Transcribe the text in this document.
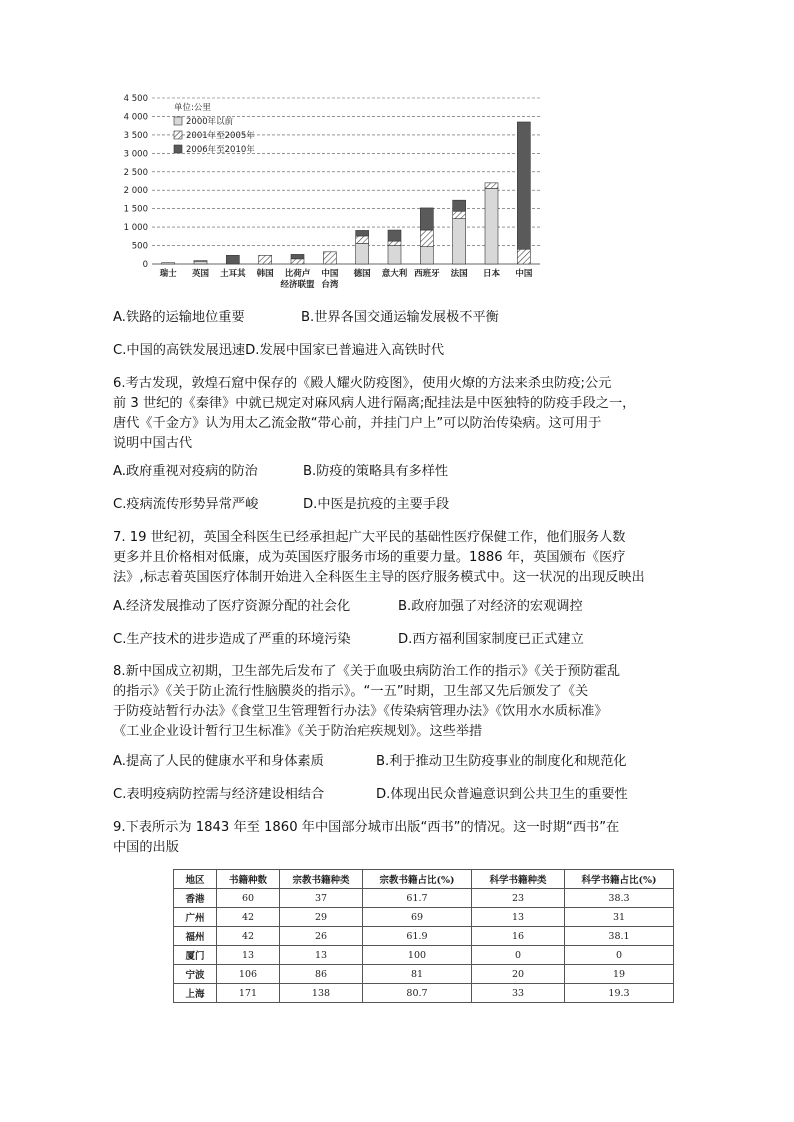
0
500
1 000
1 500
2 000
2 500
3 000
3 500
4 000
4 500
瑞士 英国 土耳其 韩国 比荷卢
经济联盟
中国
台湾
德国 意大利 西班牙 法国 日本 中国
单位:公里
2000年以前
2001年至2005年
2006年至2010年
A.铁路的运输地位重要	B.世界各国交通运输发展极不平衡
C.中国的高铁发展迅速D.发展中国家已普遍进入高铁时代
6.考古发现，敦煌石窟中保存的《殿人耀火防疫图》，使用火燎的方法来杀虫防疫;公元
前 3 世纪的《秦律》中就已规定对麻风病人进行隔离;配挂法是中医独特的防疫手段之一，
唐代《千金方》认为用太乙流金散“带心前，并挂门户上”可以防治传染病。这可用于
说明中国古代
A.政府重视对疫病的防治	B.防疫的策略具有多样性
C.疫病流传形势异常严峻	D.中医是抗疫的主要手段
7. 19 世纪初，英国全科医生已经承担起广大平民的基础性医疗保健工作，他们服务人数
更多并且价格相对低廉，成为英国医疗服务市场的重要力量。1886 年，英国颁布《医疗
法》,标志着英国医疗体制开始进入全科医生主导的医疗服务模式中。这一状况的出现反映出
A.经济发展推动了医疗资源分配的社会化	B.政府加强了对经济的宏观调控
C.生产技术的进步造成了严重的环境污染	D.西方福利国家制度已正式建立
8.新中国成立初期，卫生部先后发布了《关于血吸虫病防治工作的指示》《关于预防霍乱
的指示》《关于防止流行性脑膜炎的指示》。“一五”时期，卫生部又先后颁发了《关
于防疫站暂行办法》《食堂卫生管理暂行办法》《传染病管理办法》《饮用水水质标准》
《工业企业设计暂行卫生标准》《关于防治疟疾规划》。这些举措
A.提高了人民的健康水平和身体素质	B.利于推动卫生防疫事业的制度化和规范化
C.表明疫病防控需与经济建设相结合	D.体现出民众普遍意识到公共卫生的重要性
9.下表所示为 1843 年至 1860 年中国部分城市出版“西书”的情况。这一时期“西书”在
中国的出版
地区	书籍种数	宗教书籍种类	宗教书籍占比(%)	科学书籍种类	科学书籍占比(%)
香港	60	37	61.7	23	38.3
广州	42	29	69	13	31
福州	42	26	61.9	16	38.1
厦门	13	13	100	0	0
宁波	106	86	81	20	19
上海	171	138	80.7	33	19.3
